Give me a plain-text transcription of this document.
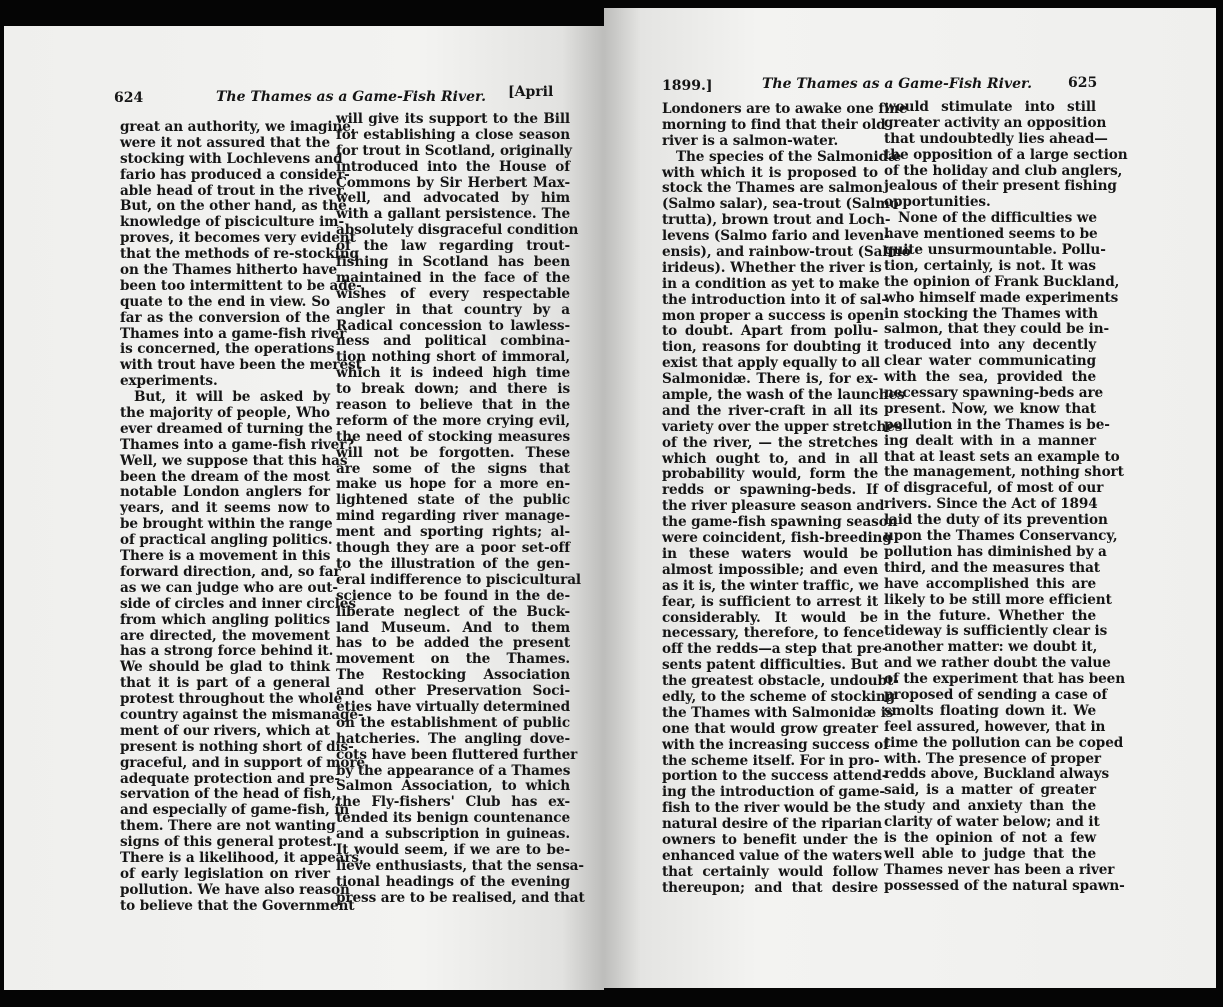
624	The Thames as a Game-Fish River. [April
great an authority, we imagine,
were it not assured that the
stocking with Lochlevens and
fario has produced a consider-
able head of trout in the river.
But, on the other hand, as the
knowledge of pisciculture im-
proves, it becomes very evident
that the methods of re-stocking
on the Thames hitherto have
been too intermittent to be ade-
quate to the end in view. So
far as the conversion of the
Thames into a game-fish river
is concerned, the operations
with trout have been the merest
experiments.
But, it will be asked by
the majority of people, Who
ever dreamed of turning the
Thames into a game-fish river?
Well, we suppose that this has
been the dream of the most
notable London anglers for
years, and it seems now to
be brought within the range
of practical angling politics.
There is a movement in this
forward direction, and, so far
as we can judge who are out-
side of circles and inner circles
from which angling politics
are directed, the movement
has a strong force behind it.
We should be glad to think
that it is part of a general
protest throughout the whole
country against the mismanage-
ment of our rivers, which at
present is nothing short of dis-
graceful, and in support of more
adequate protection and pre-
servation of the head of fish,
and especially of game-fish, in
them. There are not wanting
signs of this general protest.
There is a likelihood, it appears,
of early legislation on river
pollution. We have also reason
to believe that the Government
will give its support to the Bill
for establishing a close season
for trout in Scotland, originally
introduced into the House of
Commons by Sir Herbert Max-
well, and advocated by him
with a gallant persistence. The
absolutely disgraceful condition
of the law regarding trout-
fishing in Scotland has been
maintained in the face of the
wishes of every respectable
angler in that country by a
Radical concession to lawless-
ness and political combina-
tion nothing short of immoral,
which it is indeed high time
to break down; and there is
reason to believe that in the
reform of the more crying evil,
the need of stocking measures
will not be forgotten. These
are some of the signs that
make us hope for a more en-
lightened state of the public
mind regarding river manage-
ment and sporting rights; al-
though they are a poor set-off
to the illustration of the gen-
eral indifference to piscicultural
science to be found in the de-
liberate neglect of the Buck-
land Museum. And to them
has to be added the present
movement on the Thames.
The Restocking Association
and other Preservation Soci-
eties have virtually determined
on the establishment of public
hatcheries. The angling dove-
cots have been fluttered further
by the appearance of a Thames
Salmon Association, to which
the Fly-fishers' Club has ex-
tended its benign countenance
and a subscription in guineas.
It would seem, if we are to be-
lieve enthusiasts, that the sensa-
tional headings of the evening
press are to be realised, and that
1899.]	The Thames as a Game-Fish River.	625
Londoners are to awake one fine
morning to find that their old
river is a salmon-water.
The species of the Salmonidæ
with which it is proposed to
stock the Thames are salmon
(Salmo salar), sea-trout (Salmo
trutta), brown trout and Loch-
levens (Salmo fario and leven-
ensis), and rainbow-trout (Salmo
irideus). Whether the river is
in a condition as yet to make
the introduction into it of sal-
mon proper a success is open
to doubt. Apart from pollu-
tion, reasons for doubting it
exist that apply equally to all
Salmonidæ. There is, for ex-
ample, the wash of the launches
and the river-craft in all its
variety over the upper stretches
of the river, — the stretches
which ought to, and in all
probability would, form the
redds or spawning-beds. If
the river pleasure season and
the game-fish spawning season
were coincident, fish-breeding
in these waters would be
almost impossible; and even
as it is, the winter traffic, we
fear, is sufficient to arrest it
considerably. It would be
necessary, therefore, to fence
off the redds—a step that pre-
sents patent difficulties. But
the greatest obstacle, undoubt-
edly, to the scheme of stocking
the Thames with Salmonidæ is
one that would grow greater
with the increasing success of
the scheme itself. For in pro-
portion to the success attend-
ing the introduction of game-
fish to the river would be the
natural desire of the riparian
owners to benefit under the
enhanced value of the waters
that certainly would follow
thereupon; and that desire
would stimulate into still
greater activity an opposition
that undoubtedly lies ahead—
the opposition of a large section
of the holiday and club anglers,
jealous of their present fishing
opportunities.
None of the difficulties we
have mentioned seems to be
quite unsurmountable. Pollu-
tion, certainly, is not. It was
the opinion of Frank Buckland,
who himself made experiments
in stocking the Thames with
salmon, that they could be in-
troduced into any decently
clear water communicating
with the sea, provided the
necessary spawning-beds are
present. Now, we know that
pollution in the Thames is be-
ing dealt with in a manner
that at least sets an example to
the management, nothing short
of disgraceful, of most of our
rivers. Since the Act of 1894
laid the duty of its prevention
upon the Thames Conservancy,
pollution has diminished by a
third, and the measures that
have accomplished this are
likely to be still more efficient
in the future. Whether the
tideway is sufficiently clear is
another matter: we doubt it,
and we rather doubt the value
of the experiment that has been
proposed of sending a case of
smolts floating down it. We
feel assured, however, that in
time the pollution can be coped
with. The presence of proper
redds above, Buckland always
said, is a matter of greater
study and anxiety than the
clarity of water below; and it
is the opinion of not a few
well able to judge that the
Thames never has been a river
possessed of the natural spawn-
